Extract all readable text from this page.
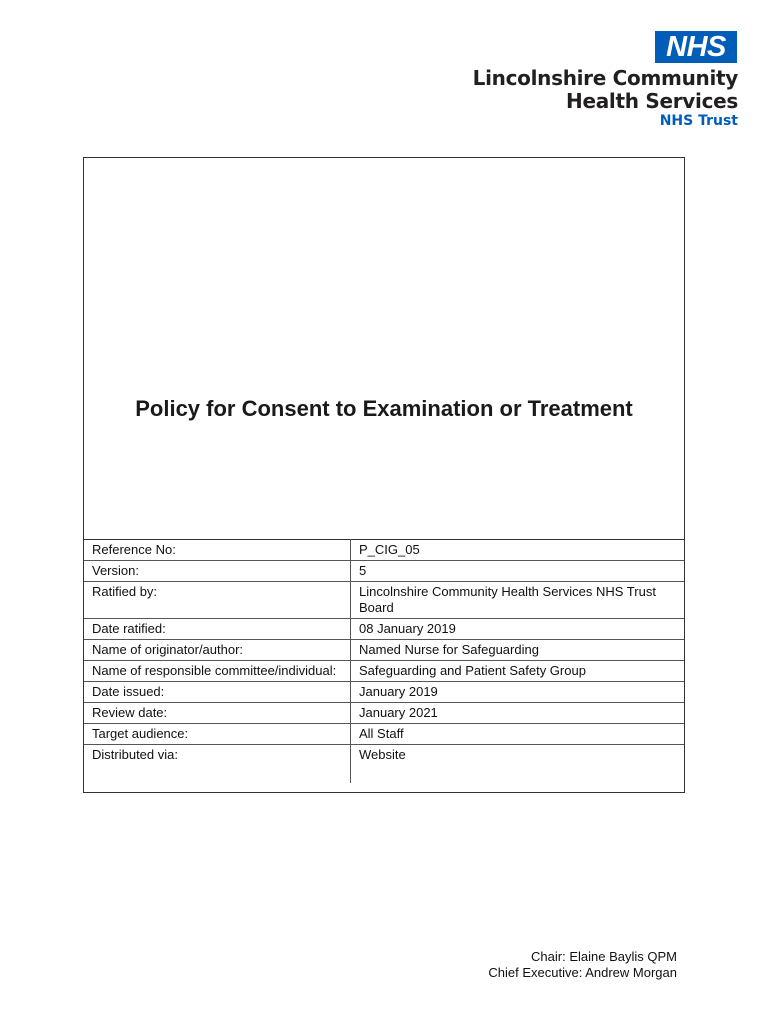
NHS
Lincolnshire Community
Health Services
NHS Trust
Policy for Consent to Examination or Treatment
Reference No:	P_CIG_05
Version:	5
Ratified by:	Lincolnshire Community Health Services NHS Trust Board
Date ratified:	08 January 2019
Name of originator/author:	Named Nurse for Safeguarding
Name of responsible committee/individual:	Safeguarding and Patient Safety Group
Date issued:	January 2019
Review date:	January 2021
Target audience:	All Staff
Distributed via:	Website
Chair: Elaine Baylis QPM
Chief Executive: Andrew Morgan
